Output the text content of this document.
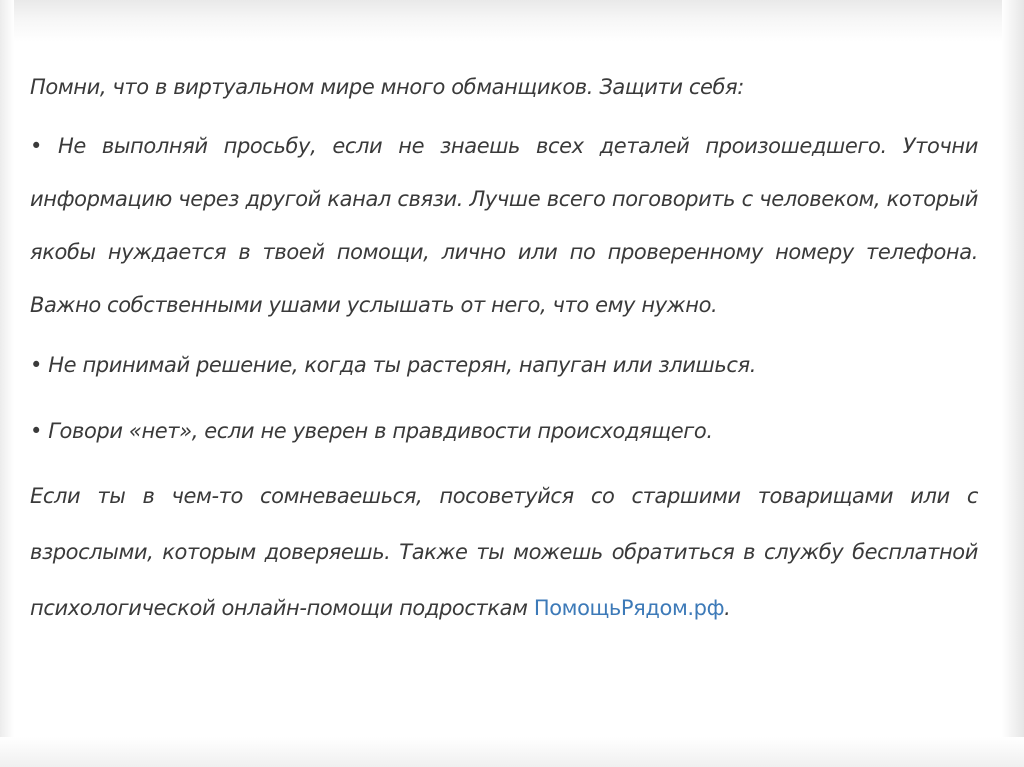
Помни, что в виртуальном мире много обманщиков. Защити себя:

• Не выполняй просьбу, если не знаешь всех деталей произошедшего. Уточни информацию через другой канал связи. Лучше всего поговорить с человеком, который якобы нуждается в твоей помощи, лично или по проверенному номеру телефона. Важно собственными ушами услышать от него, что ему нужно.

• Не принимай решение, когда ты растерян, напуган или злишься.

• Говори «нет», если не уверен в правдивости происходящего.

Если ты в чем-то сомневаешься, посоветуйся со старшими товарищами или с взрослыми, которым доверяешь. Также ты можешь обратиться в службу бесплатной психологической онлайн-помощи подросткам ПомощьРядом.рф.
